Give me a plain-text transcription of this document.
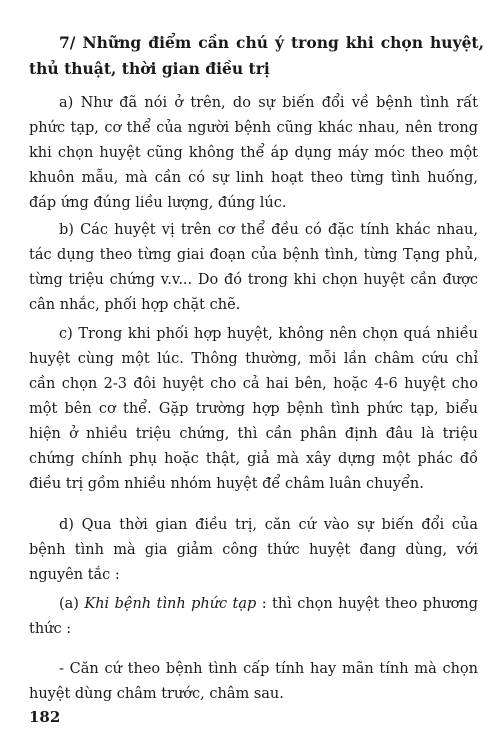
7/ Những điểm cần chú ý trong khi chọn huyệt, thủ thuật, thời gian điều trị
a) Như đã nói ở trên, do sự biến đổi về bệnh tình rất phức tạp, cơ thể của người bệnh cũng khác nhau, nên trong khi chọn huyệt cũng không thể áp dụng máy móc theo một khuôn mẫu, mà cần có sự linh hoạt theo từng tình huống, đáp ứng đúng liều lượng, đúng lúc.
b) Các huyệt vị trên cơ thể đều có đặc tính khác nhau, tác dụng theo từng giai đoạn của bệnh tình, từng Tạng phủ, từng triệu chứng v.v... Do đó trong khi chọn huyệt cần được cân nhắc, phối hợp chặt chẽ.
c) Trong khi phối hợp huyệt, không nên chọn quá nhiều huyệt cùng một lúc. Thông thường, mỗi lần châm cứu chỉ cần chọn 2-3 đôi huyệt cho cả hai bên, hoặc 4-6 huyệt cho một bên cơ thể. Gặp trường hợp bệnh tình phức tạp, biểu hiện ở nhiều triệu chứng, thì cần phân định đâu là triệu chứng chính phụ hoặc thật, giả mà xây dựng một phác đồ điều trị gồm nhiều nhóm huyệt để châm luân chuyển.
d) Qua thời gian điều trị, căn cứ vào sự biến đổi của bệnh tình mà gia giảm công thức huyệt đang dùng, với nguyên tắc :
(a) Khi bệnh tình phức tạp : thì chọn huyệt theo phương thức :
- Căn cứ theo bệnh tình cấp tính hay mãn tính mà chọn huyệt dùng châm trước, châm sau.
182
